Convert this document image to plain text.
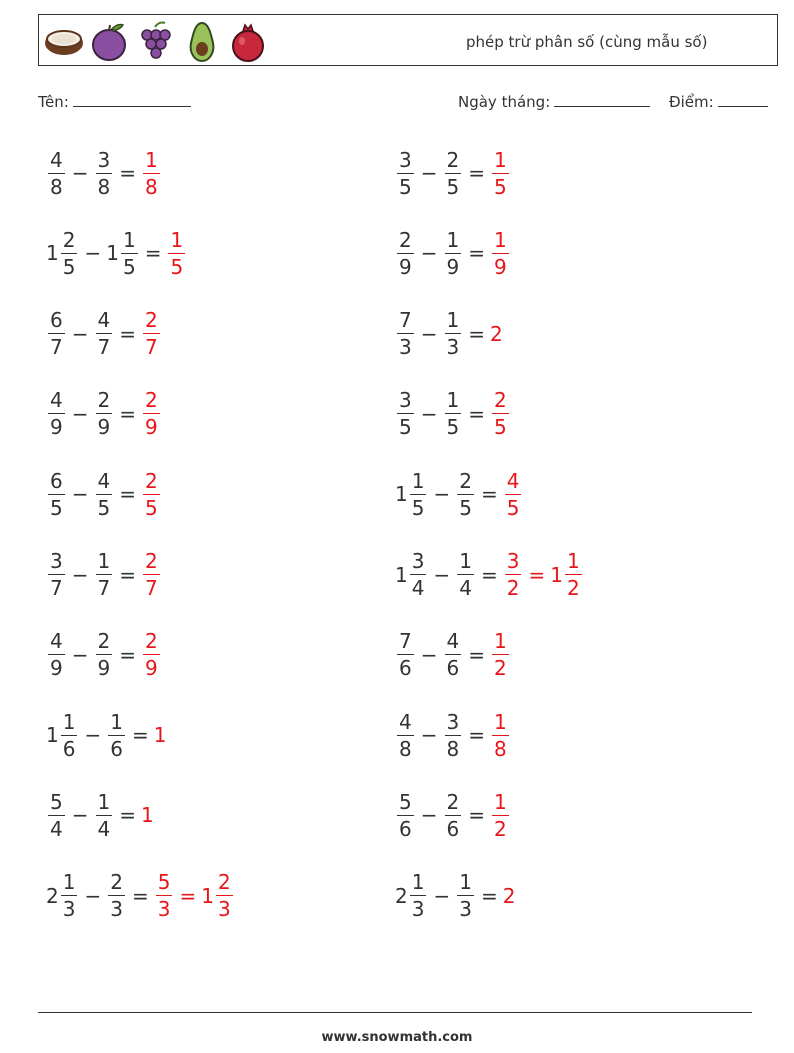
phép trừ phân số (cùng mẫu số)
Tên:	Ngày tháng:	Điểm:
$\frac{4}{8} - \frac{3}{8} = \frac{1}{8}$	$\frac{3}{5} - \frac{2}{5} = \frac{1}{5}$
$1 \frac{2}{5} - 1 \frac{1}{5} = \frac{1}{5}$	$\frac{2}{9} - \frac{1}{9} = \frac{1}{9}$
$\frac{6}{7} - \frac{4}{7} = \frac{2}{7}$	$\frac{7}{3} - \frac{1}{3} = 2$
$\frac{4}{9} - \frac{2}{9} = \frac{2}{9}$	$\frac{3}{5} - \frac{1}{5} = \frac{2}{5}$
$\frac{6}{5} - \frac{4}{5} = \frac{2}{5}$	$1 \frac{1}{5} - \frac{2}{5} = \frac{4}{5}$
$\frac{3}{7} - \frac{1}{7} = \frac{2}{7}$	$1 \frac{3}{4} - \frac{1}{4} = \frac{3}{2} = 1 \frac{1}{2}$
$\frac{4}{9} - \frac{2}{9} = \frac{2}{9}$	$\frac{7}{6} - \frac{4}{6} = \frac{1}{2}$
$1 \frac{1}{6} - \frac{1}{6} = 1$	$\frac{4}{8} - \frac{3}{8} = \frac{1}{8}$
$\frac{5}{4} - \frac{1}{4} = 1$	$\frac{5}{6} - \frac{2}{6} = \frac{1}{2}$
$2 \frac{1}{3} - \frac{2}{3} = \frac{5}{3} = 1 \frac{2}{3}$	$2 \frac{1}{3} - \frac{1}{3} = 2$
www.snowmath.com
